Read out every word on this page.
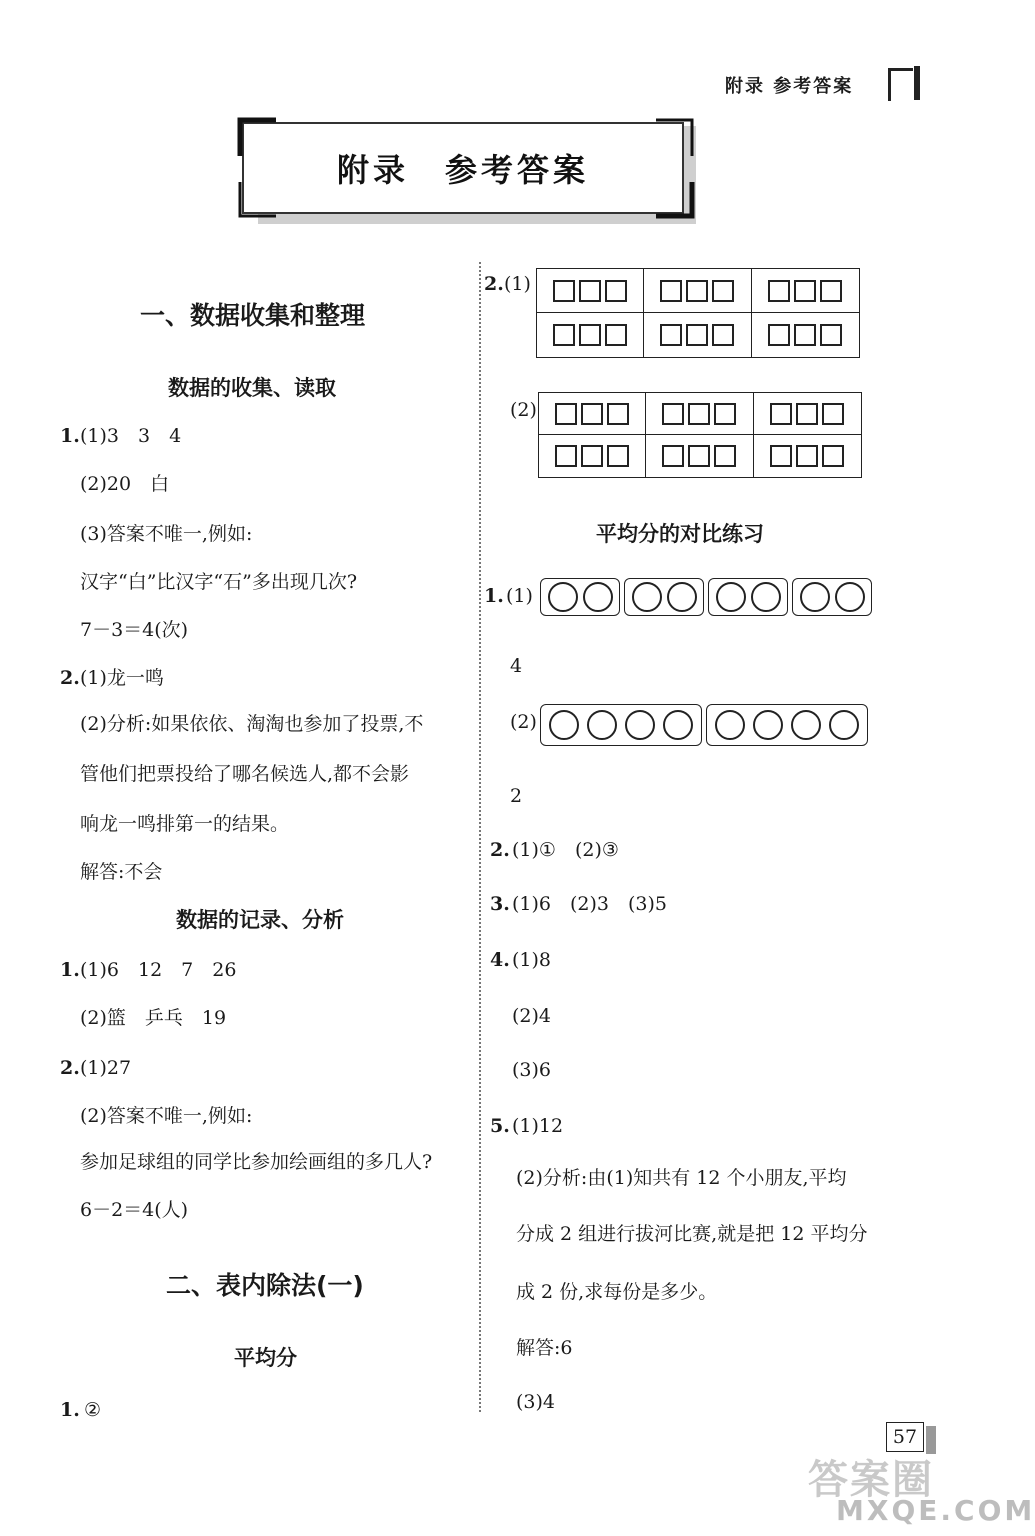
附录 参考答案
附录　参考答案
一、数据收集和整理
数据的收集、读取
1. (1)3　3　4
(2)20　白
(3)答案不唯一,例如:
汉字“白”比汉字“石”多出现几次?
7－3＝4(次)
2. (1)龙一鸣
(2)分析:如果依依、淘淘也参加了投票,不
管他们把票投给了哪名候选人,都不会影
响龙一鸣排第一的结果。
解答:不会
数据的记录、分析
1. (1)6　12　7　26
(2)篮　乒乓　19
2. (1)27
(2)答案不唯一,例如:
参加足球组的同学比参加绘画组的多几人?
6－2＝4(人)
二、表内除法(一)
平均分
1. ②
2. (1)
(2)
平均分的对比练习
1. (1)
4
(2)
2
2. (1)①　(2)③
3. (1)6　(2)3　(3)5
4. (1)8
(2)4
(3)6
5. (1)12
(2)分析:由(1)知共有 12 个小朋友,平均
分成 2 组进行拔河比赛,就是把 12 平均分
成 2 份,求每份是多少。
解答:6
(3)4
57
答案圈
MXQE.COM
